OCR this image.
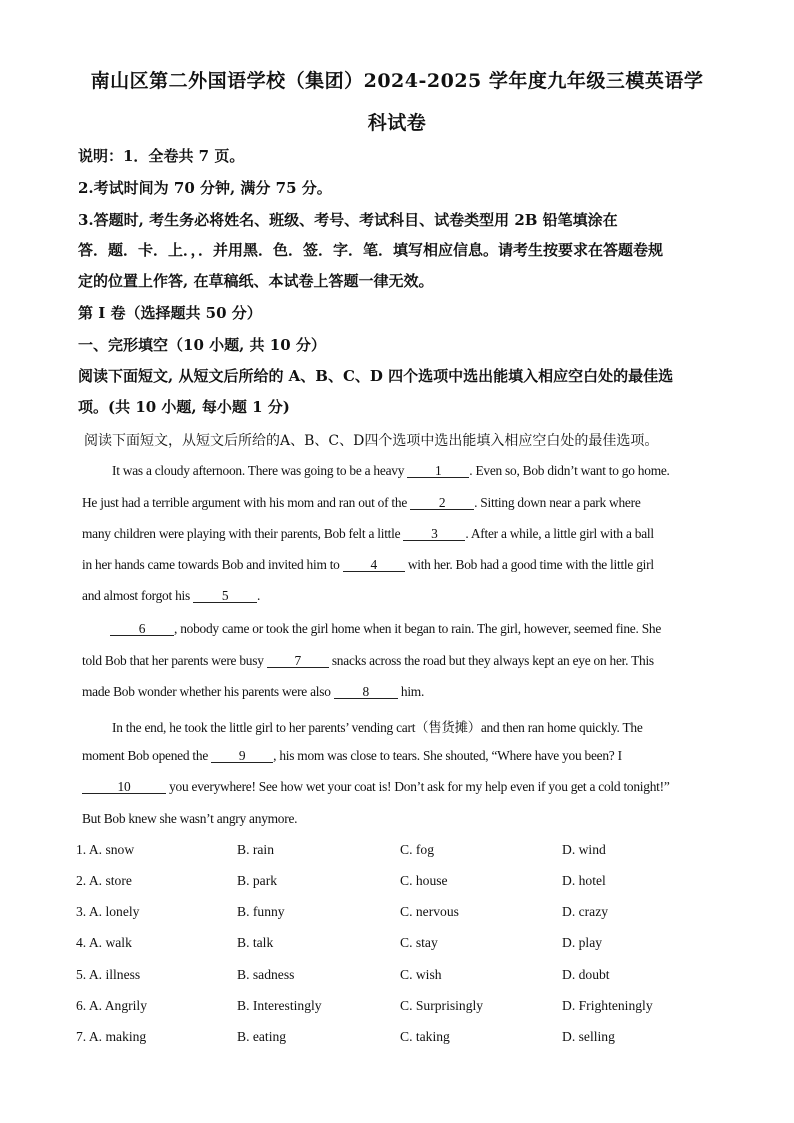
南山区第二外国语学校（集团）2024-2025 学年度九年级三模英语学
科试卷
说明：1．全卷共 7 页。
2.考试时间为 70 分钟, 满分 75 分。
3.答题时, 考生务必将姓名、班级、考号、考试科目、试卷类型用 2B 铅笔填涂在
答．题．卡．上．，．并用黑．色．签．字．笔．填写相应信息。请考生按要求在答题卷规
定的位置上作答, 在草稿纸、本试卷上答题一律无效。
第 I 卷（选择题共 50 分）
一、完形填空（10 小题, 共 10 分）
阅读下面短文, 从短文后所给的 A、B、C、D 四个选项中选出能填入相应空白处的最佳选
项。(共 10 小题, 每小题 1 分)
阅读下面短文，从短文后所给的A、B、C、D四个选项中选出能填入相应空白处的最佳选项。
It was a cloudy afternoon. There was going to be a heavy 1 . Even so, Bob didn’t want to go home.
He just had a terrible argument with his mom and ran out of the 2 . Sitting down near a park where
many children were playing with their parents, Bob felt a little 3 . After a while, a little girl with a ball
in her hands came towards Bob and invited him to 4 with her. Bob had a good time with the little girl
and almost forgot his 5 .
6 , nobody came or took the girl home when it began to rain. The girl, however, seemed fine. She
told Bob that her parents were busy 7 snacks across the road but they always kept an eye on her. This
made Bob wonder whether his parents were also 8 him.
In the end, he took the little girl to her parents’ vending cart（售货摊）and then ran home quickly. The
moment Bob opened the 9 , his mom was close to tears. She shouted, “Where have you been? I
10	you everywhere! See how wet your coat is! Don’t ask for my help even if you get a cold tonight!”
But Bob knew she wasn’t angry anymore.
1. A. snow	B. rain	C. fog	D. wind
2. A. store	B. park	C. house	D. hotel
3. A. lonely	B. funny	C. nervous	D. crazy
4. A. walk	B. talk	C. stay	D. play
5. A. illness	B. sadness	C. wish	D. doubt
6. A. Angrily	B. Interestingly	C. Surprisingly	D. Frighteningly
7. A. making	B. eating	C. taking	D. selling
